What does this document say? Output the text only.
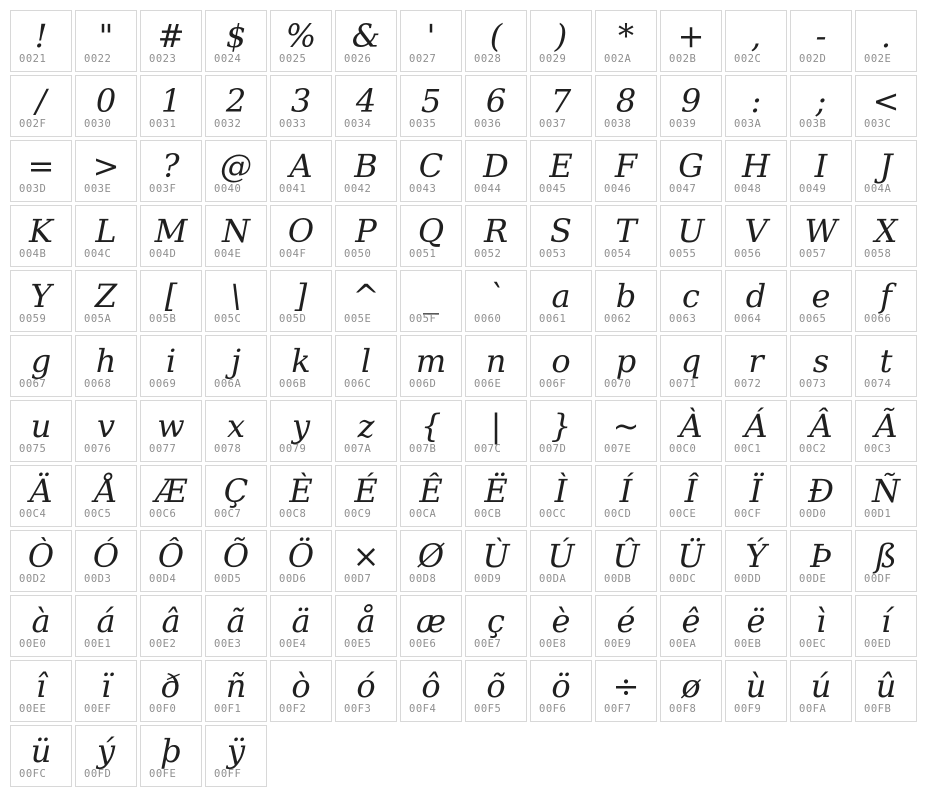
!
0021
"
0022
#
0023
$
0024
%
0025
&
0026
'
0027
(
0028
)
0029
*
002A
+
002B
,
002C
-
002D
.
002E
/
002F
0
0030
1
0031
2
0032
3
0033
4
0034
5
0035
6
0036
7
0037
8
0038
9
0039
:
003A
;
003B
<
003C
=
003D
>
003E
?
003F
@
0040
A
0041
B
0042
C
0043
D
0044
E
0045
F
0046
G
0047
H
0048
I
0049
J
004A
K
004B
L
004C
M
004D
N
004E
O
004F
P
0050
Q
0051
R
0052
S
0053
T
0054
U
0055
V
0056
W
0057
X
0058
Y
0059
Z
005A
[
005B
\
005C
]
005D
^
005E
_
005F
`
0060
a
0061
b
0062
c
0063
d
0064
e
0065
f
0066
g
0067
h
0068
i
0069
j
006A
k
006B
l
006C
m
006D
n
006E
o
006F
p
0070
q
0071
r
0072
s
0073
t
0074
u
0075
v
0076
w
0077
x
0078
y
0079
z
007A
{
007B
|
007C
}
007D
~
007E
À
00C0
Á
00C1
Â
00C2
Ã
00C3
Ä
00C4
Å
00C5
Æ
00C6
Ç
00C7
È
00C8
É
00C9
Ê
00CA
Ë
00CB
Ì
00CC
Í
00CD
Î
00CE
Ï
00CF
Ð
00D0
Ñ
00D1
Ò
00D2
Ó
00D3
Ô
00D4
Õ
00D5
Ö
00D6
×
00D7
Ø
00D8
Ù
00D9
Ú
00DA
Û
00DB
Ü
00DC
Ý
00DD
Þ
00DE
ß
00DF
à
00E0
á
00E1
â
00E2
ã
00E3
ä
00E4
å
00E5
æ
00E6
ç
00E7
è
00E8
é
00E9
ê
00EA
ë
00EB
ì
00EC
í
00ED
î
00EE
ï
00EF
ð
00F0
ñ
00F1
ò
00F2
ó
00F3
ô
00F4
õ
00F5
ö
00F6
÷
00F7
ø
00F8
ù
00F9
ú
00FA
û
00FB
ü
00FC
ý
00FD
þ
00FE
ÿ
00FF
